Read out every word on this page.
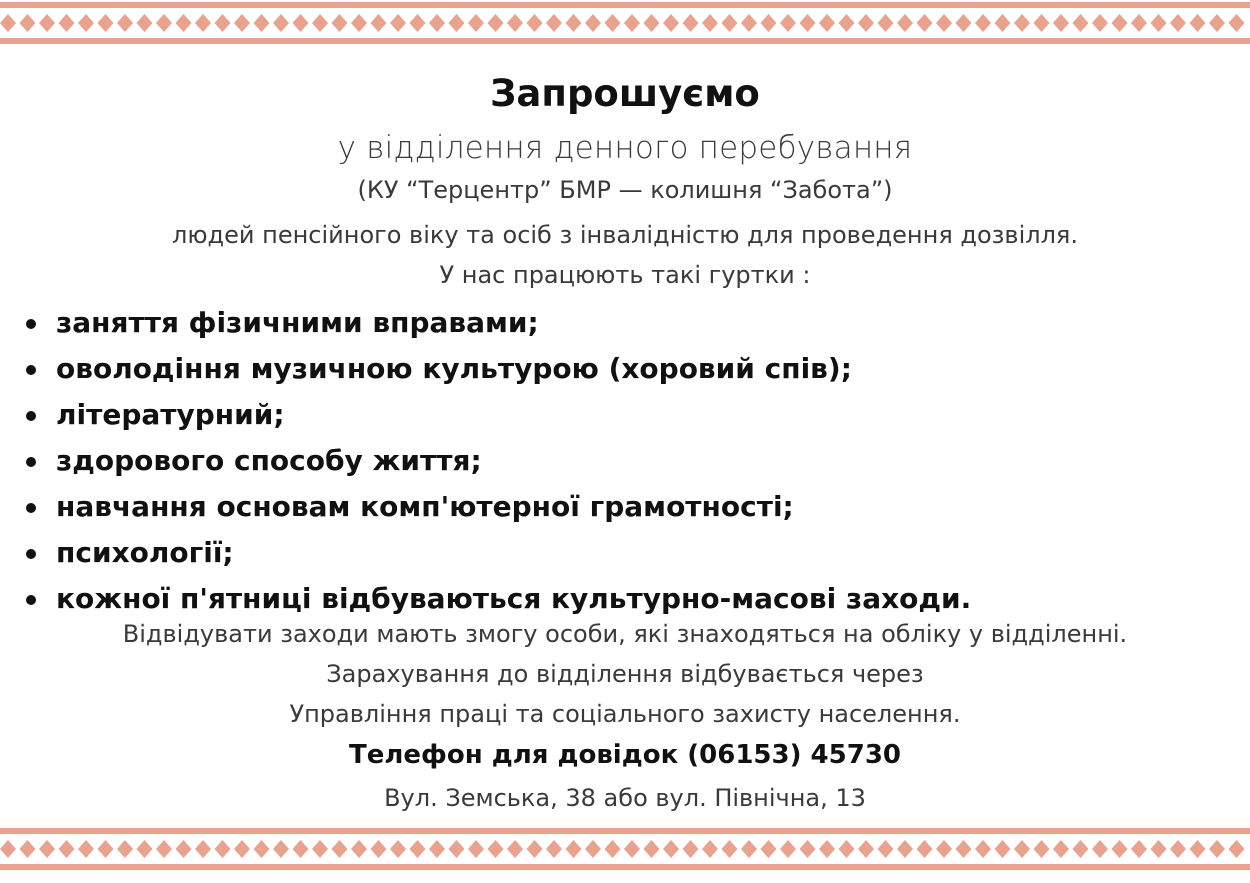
Запрошуємо
у відділення денного перебування
(КУ “Терцентр” БМР — колишня “Забота”)
людей пенсійного віку та осіб з інвалідністю для проведення дозвілля.
У нас працюють такі гуртки :
заняття фізичними вправами;
оволодіння музичною культурою (хоровий спів);
літературний;
здорового способу життя;
навчання основам комп'ютерної грамотності;
психології;
кожної п'ятниці відбуваються культурно-масові заходи.
Відвідувати заходи мають змогу особи, які знаходяться на обліку у відділенні.
Зарахування до відділення відбувається через
Управління праці та соціального захисту населення.
Телефон для довідок (06153) 45730
Вул. Земська, 38 або вул. Північна, 13
